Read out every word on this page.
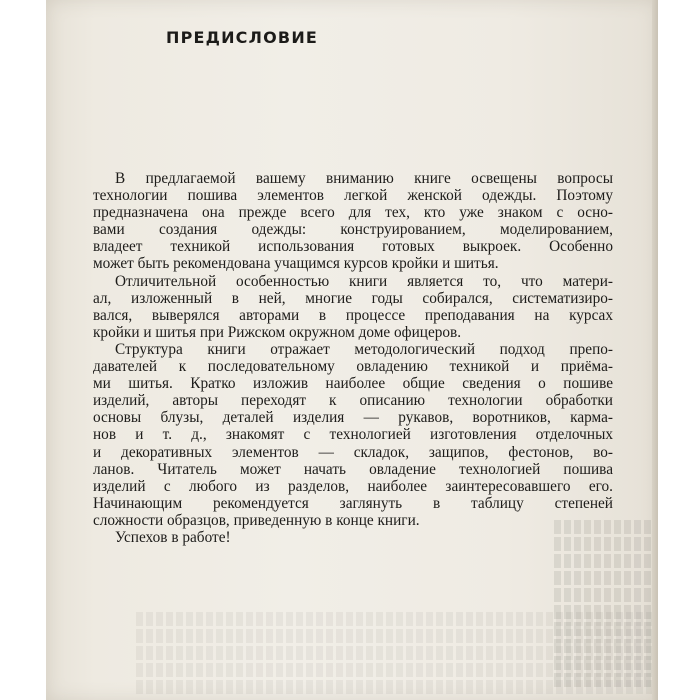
ПРЕДИСЛОВИЕ
В предлагаемой вашему вниманию книге освещены вопросы
технологии пошива элементов легкой женской одежды. Поэтому
предназначена она прежде всего для тех, кто уже знаком с осно-
вами создания одежды: конструированием, моделированием,
владеет техникой использования готовых выкроек. Особенно
может быть рекомендована учащимся курсов кройки и шитья.
Отличительной особенностью книги является то, что матери-
ал, изложенный в ней, многие годы собирался, систематизиро-
вался, выверялся авторами в процессе преподавания на курсах
кройки и шитья при Рижском окружном доме офицеров.
Структура книги отражает методологический подход препо-
давателей к последовательному овладению техникой и приёма-
ми шитья. Кратко изложив наиболее общие сведения о пошиве
изделий, авторы переходят к описанию технологии обработки
основы блузы, деталей изделия — рукавов, воротников, карма-
нов и т. д., знакомят с технологией изготовления отделочных
и декоративных элементов — складок, защипов, фестонов, во-
ланов. Читатель может начать овладение технологией пошива
изделий с любого из разделов, наиболее заинтересовавшего его.
Начинающим рекомендуется заглянуть в таблицу степеней
сложности образцов, приведенную в конце книги.
Успехов в работе!
